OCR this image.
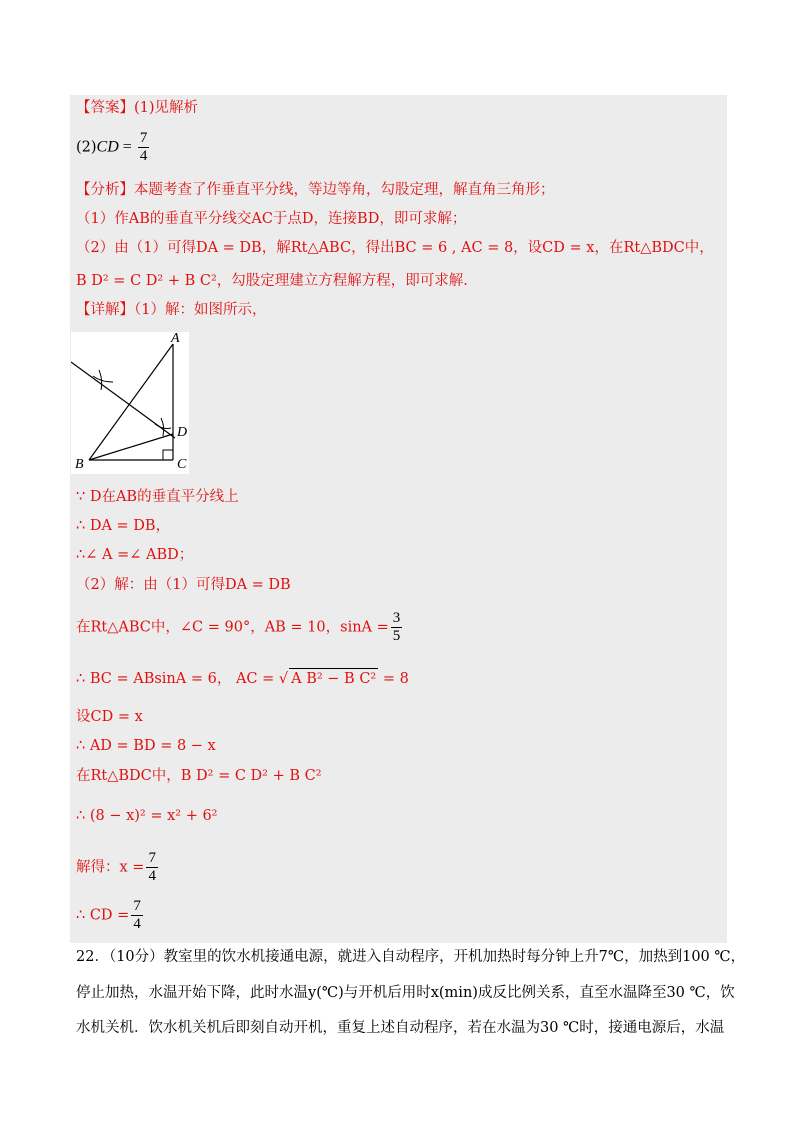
【答案】(1)见解析
$(2)CD = \frac{7}{4}$
【分析】本题考查了作垂直平分线，等边等角，勾股定理，解直角三角形；
（1）作AB的垂直平分线交AC于点D，连接BD，即可求解；
（2）由（1）可得DA = DB，解Rt△ABC，得出BC = 6 , AC = 8，设CD = x，在Rt△BDC中，
B D² = C D² + B C²，勾股定理建立方程解方程，即可求解.
【详解】（1）解：如图所示，
A
B	C
D
∵ D在AB的垂直平分线上
∴ DA = DB，
∴∠ A =∠ ABD；
（2）解：由（1）可得DA = DB
在Rt△ABC中，∠C = 90°，AB = 10，$\sin A = \frac{3}{5}$
∴ BC = ABsinA = 6， AC = √ A B² − B C² = 8
设CD = x
∴ AD = BD = 8 − x
在Rt△BDC中，B D² = C D² + B C²
∴ (8 − x)² = x² + 6²
解得：$x = \frac{7}{4}$
∴ CD = $\frac{7}{4}$
22．（10分）教室里的饮水机接通电源，就进入自动程序，开机加热时每分钟上升7℃，加热到100 ℃，
停止加热，水温开始下降，此时水温y(℃)与开机后用时x(min)成反比例关系，直至水温降至30 ℃，饮
水机关机．饮水机关机后即刻自动开机，重复上述自动程序，若在水温为30 ℃时，接通电源后，水温
